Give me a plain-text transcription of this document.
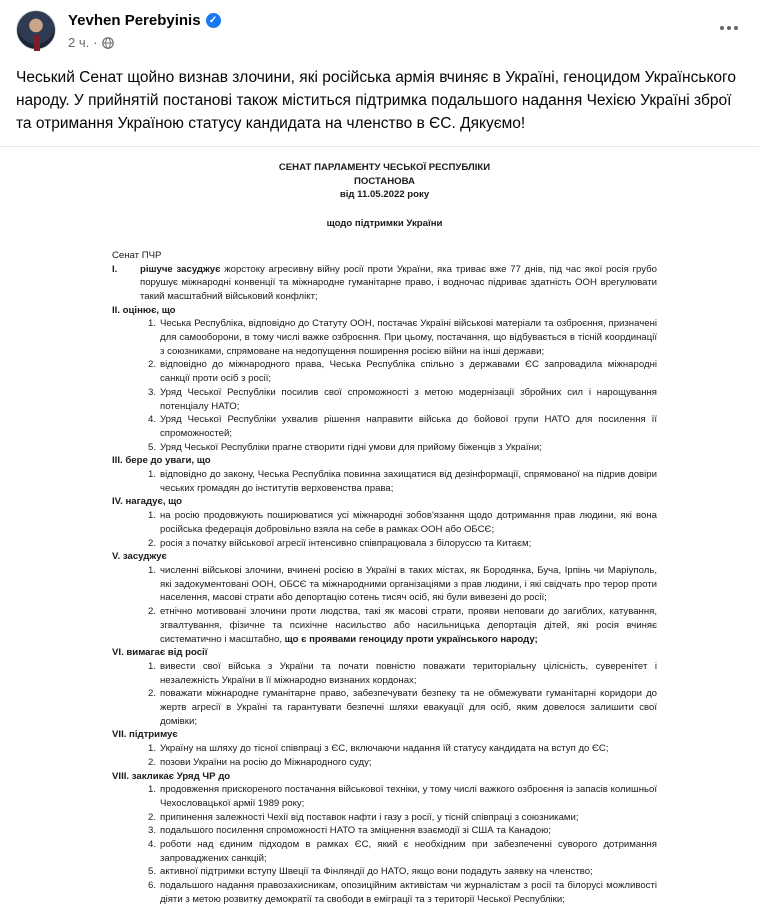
Yevhen Perebyinis ✓
2 ч. ·
Чеський Сенат щойно визнав злочини, які російська армія вчиняє в Україні, геноцидом Українського народу. У прийнятій постанові також міститься підтримка подальшого надання Чехією Україні зброї та отримання Україною статусу кандидата на членство в ЄС. Дякуємо!
СЕНАТ ПАРЛАМЕНТУ ЧЕСЬКОЇ РЕСПУБЛІКИ
ПОСТАНОВА
від 11.05.2022 року
щодо підтримки України
Сенат ПЧР
I.	рішуче засуджує жорстоку агресивну війну росії проти України, яка триває вже 77 днів, під час якої росія грубо порушує міжнародні конвенції та міжнародне гуманітарне право, і водночас підриває здатність ООН врегулювати такий масштабний військовий конфлікт;
II. оцінює, що
1. Чеська Республіка, відповідно до Статуту ООН, постачає Україні військові матеріали та озброєння, призначені для самооборони, в тому числі важке озброєння. При цьому, постачання, що відбувається в тісній координації з союзниками, спрямоване на недопущення поширення росією війни на інші держави;
2. відповідно до міжнародного права, Чеська Республіка спільно з державами ЄС запровадила міжнародні санкції проти осіб з росії;
3. Уряд Чеської Республіки посилив свої спроможності з метою модернізації збройних сил і нарощування потенціалу НАТО;
4. Уряд Чеської Республіки ухвалив рішення направити війська до бойової групи НАТО для посилення її спроможностей;
5. Уряд Чеської Республіки прагне створити гідні умови для прийому біженців з України;
III. бере до уваги, що
1. відповідно до закону, Чеська Республіка повинна захищатися від дезінформації, спрямованої на підрив довіри чеських громадян до інститутів верховенства права;
IV. нагадує, що
1. на росію продовжують поширюватися усі міжнародні зобов'язання щодо дотримання прав людини, які вона російська федерація добровільно взяла на себе в рамках ООН або ОБСЄ;
2. росія з початку військової агресії інтенсивно співпрацювала з білоруссю та Китаєм;
V. засуджує
1. численні військові злочини, вчинені росією в Україні в таких містах, як Бородянка, Буча, Ірпінь чи Маріуполь, які задокументовані ООН, ОБСЄ та міжнародними організаціями з прав людини, і які свідчать про терор проти населення, масові страти або депортацію сотень тисяч осіб, які були вивезені до росії;
2. етнічно мотивовані злочини проти людства, такі як масові страти, прояви неповаги до загиблих, катування, згвалтування, фізичне та психічне насильство або насильницька депортація дітей, які росія вчиняє систематично і масштабно, що є проявами геноциду проти українського народу;
VI. вимагає від росії
1. вивести свої війська з України та почати повністю поважати територіальну цілісність, суверенітет і незалежність України в її міжнародно визнаних кордонах;
2. поважати міжнародне гуманітарне право, забезпечувати безпеку та не обмежувати гуманітарні коридори до жертв агресії в Україні та гарантувати безпечні шляхи евакуації для осіб, яким довелося залишити свої домівки;
VII. підтримує
1. Україну на шляху до тісної співпраці з ЄС, включаючи надання їй статусу кандидата на вступ до ЄС;
2. позови України на росію до Міжнародного суду;
VIII. закликає Уряд ЧР до
1. продовження прискореного постачання військової техніки, у тому числі важкого озброєння із запасів колишньої Чехословацької армії 1989 року;
2. припинення залежності Чехії від поставок нафти і газу з росії, у тісній співпраці з союзниками;
3. подальшого посилення спроможності НАТО та зміцнення взаємодії зі США та Канадою;
4. роботи над єдиним підходом в рамках ЄС, який є необхідним при забезпеченні суворого дотримання запроваджених санкцій;
5. активної підтримки вступу Швеції та Фінляндії до НАТО, якщо вони подадуть заявку на членство;
6. подальшого надання правозахисникам, опозиційним активістам чи журналістам з росії та білорусі можливості діяти з метою розвитку демократії та свободи в еміграції та з території Чеської Республіки;
